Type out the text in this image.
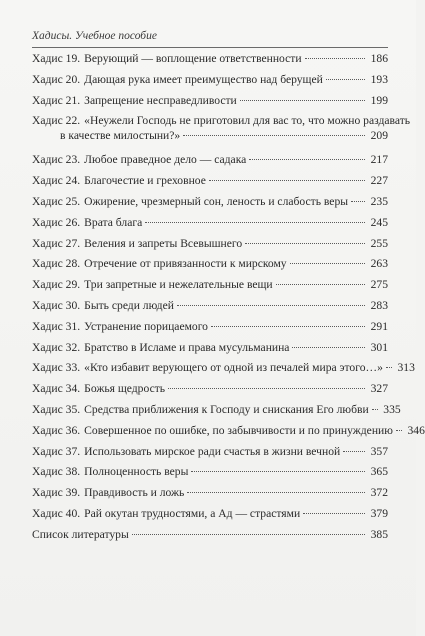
Хадисы. Учебное пособие
Хадис 19. Верующий — воплощение ответственности	186
Хадис 20. Дающая рука имеет преимущество над берущей	193
Хадис 21. Запрещение несправедливости	199
Хадис 22. «Неужели Господь не приготовил для вас то, что можно раздавать
в качестве милостыни?»	209
Хадис 23. Любое праведное дело — садака	217
Хадис 24. Благочестие и греховное	227
Хадис 25. Ожирение, чрезмерный сон, леность и слабость веры 235
Хадис 26. Врата блага	245
Хадис 27. Веления и запреты Всевышнего	255
Хадис 28. Отречение от привязанности к мирскому	263
Хадис 29. Три запретные и нежелательные вещи	275
Хадис 30. Быть среди людей	283
Хадис 31. Устранение порицаемого	291
Хадис 32. Братство в Исламе и права мусульманина	301
Хадис 33. «Кто избавит верующего от одной из печалей мира этого…» 313
Хадис 34. Божья щедрость	327
Хадис 35. Средства приближения к Господу и снискания Его любви 335
Хадис 36. Совершенное по ошибке, по забывчивости и по принуждению 346
Хадис 37. Использовать мирское ради счастья в жизни вечной	357
Хадис 38. Полноценность веры	365
Хадис 39. Правдивость и ложь	372
Хадис 40. Рай окутан трудностями, а Ад — страстями	379
Список литературы	385
